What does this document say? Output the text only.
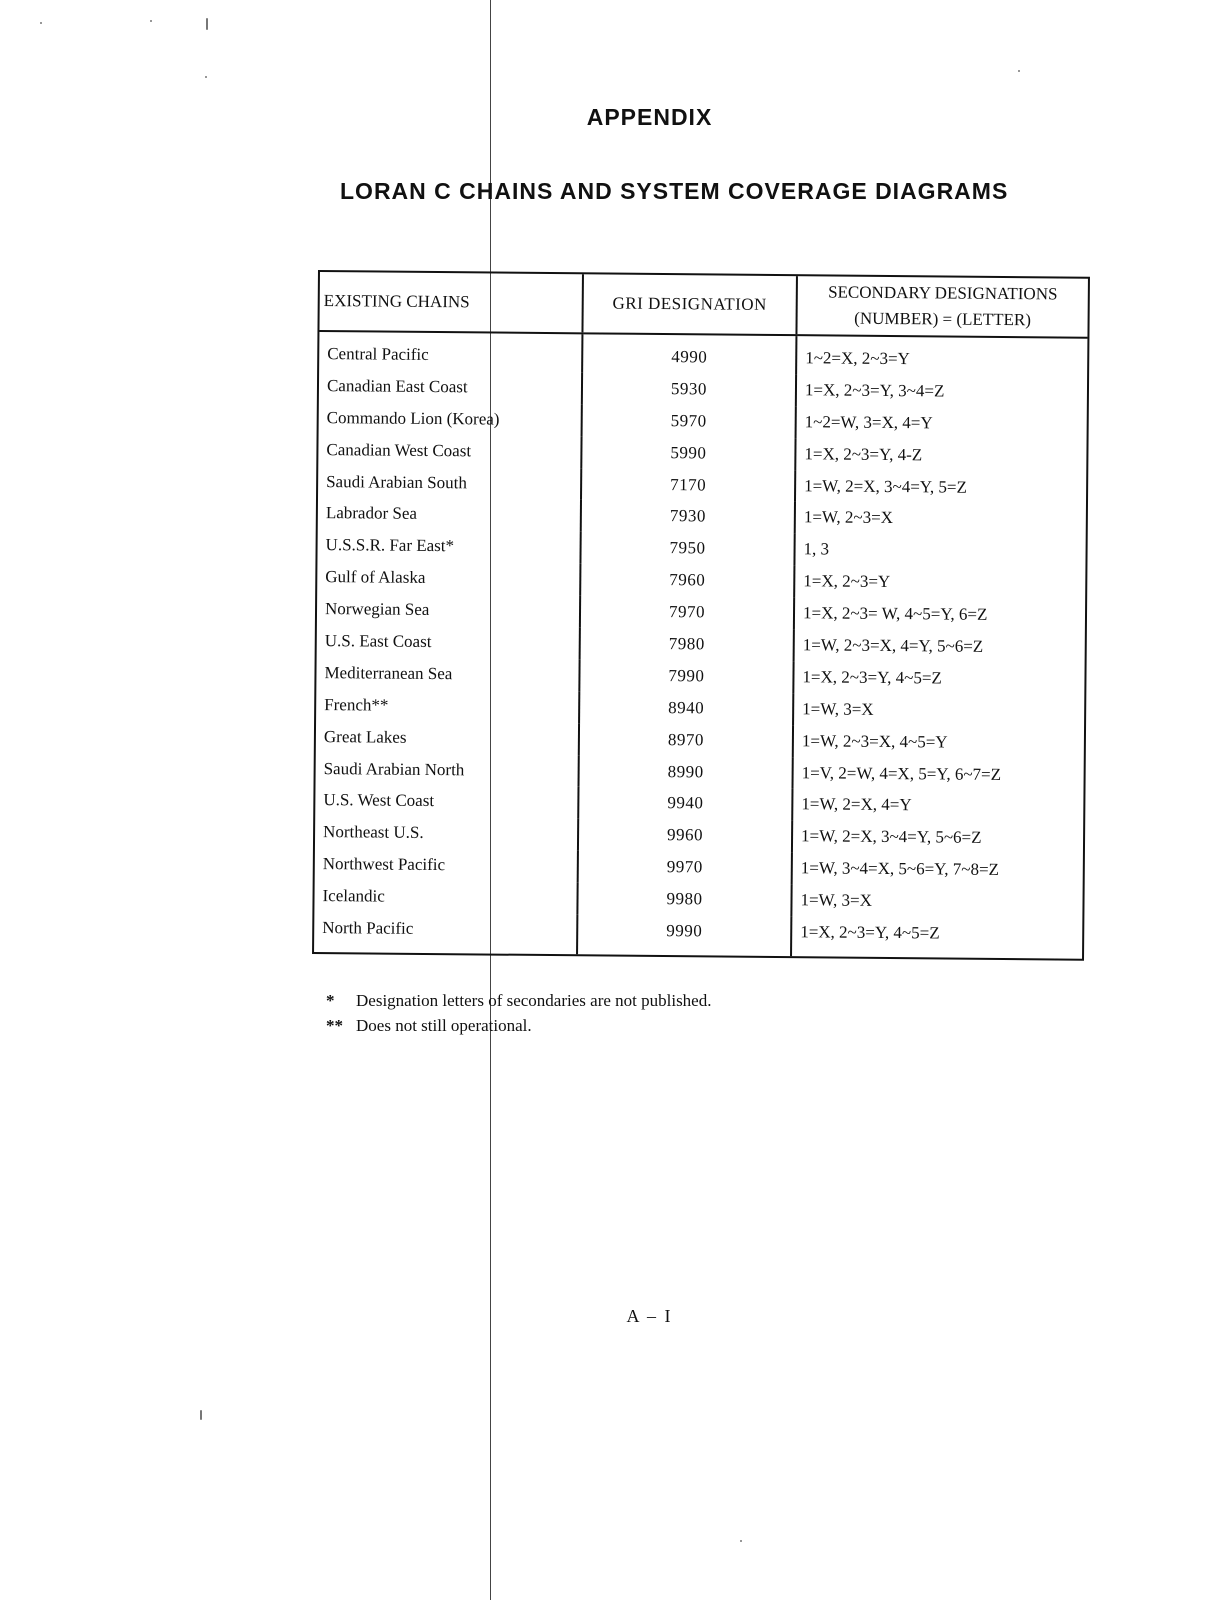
APPENDIX
LORAN C CHAINS AND SYSTEM COVERAGE DIAGRAMS
EXISTING CHAINS	GRI DESIGNATION	SECONDARY DESIGNATIONS
(NUMBER) = (LETTER)
Central Pacific	4990	1~2=X, 2~3=Y
Canadian East Coast	5930	1=X, 2~3=Y, 3~4=Z
Commando Lion (Korea)	5970	1~2=W, 3=X, 4=Y
Canadian West Coast	5990	1=X, 2~3=Y, 4-Z
Saudi Arabian South	7170	1=W, 2=X, 3~4=Y, 5=Z
Labrador Sea	7930	1=W, 2~3=X
U.S.S.R. Far East*	7950	1, 3
Gulf of Alaska	7960	1=X, 2~3=Y
Norwegian Sea	7970	1=X, 2~3= W, 4~5=Y, 6=Z
U.S. East Coast	7980	1=W, 2~3=X, 4=Y, 5~6=Z
Mediterranean Sea	7990	1=X, 2~3=Y, 4~5=Z
French**	8940	1=W, 3=X
Great Lakes	8970	1=W, 2~3=X, 4~5=Y
Saudi Arabian North	8990	1=V, 2=W, 4=X, 5=Y, 6~7=Z
U.S. West Coast	9940	1=W, 2=X, 4=Y
Northeast U.S.	9960	1=W, 2=X, 3~4=Y, 5~6=Z
Northwest Pacific	9970	1=W, 3~4=X, 5~6=Y, 7~8=Z
Icelandic	9980	1=W, 3=X
North Pacific	9990	1=X, 2~3=Y, 4~5=Z
*	Designation letters of secondaries are not published.
** Does not still operational.
A – I
